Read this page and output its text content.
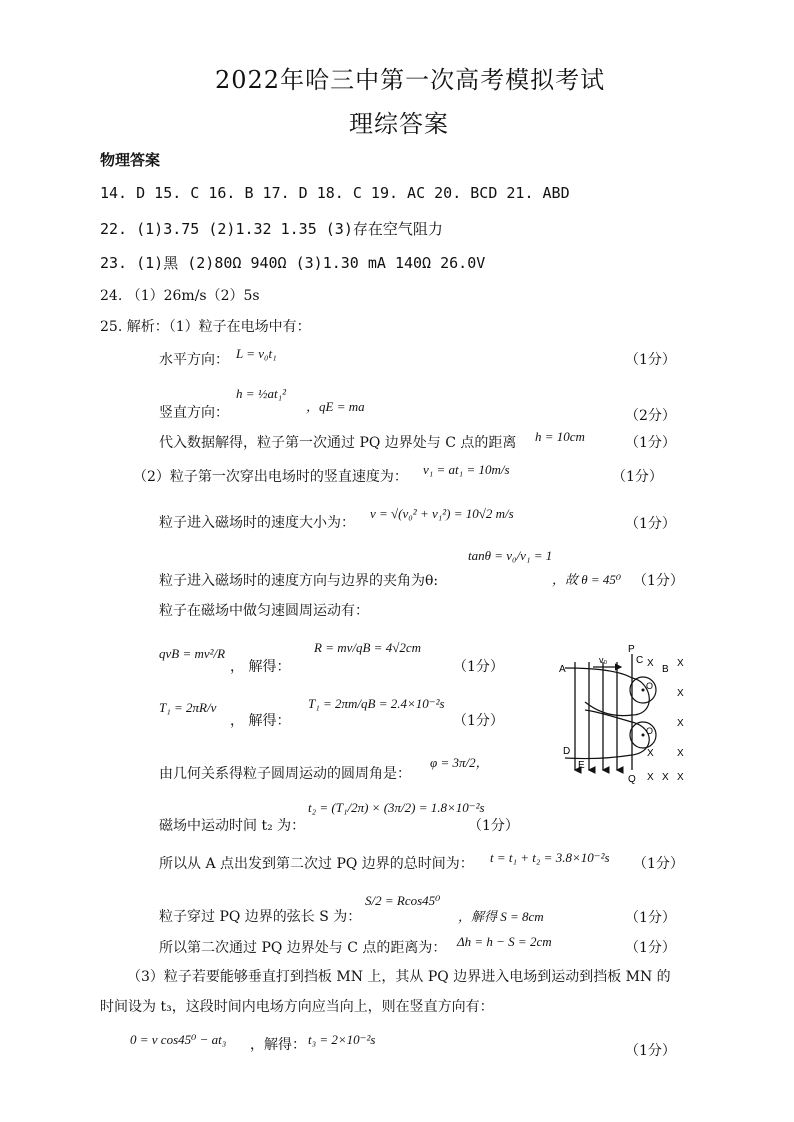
2022年哈三中第一次高考模拟考试
理综答案
物理答案
14. D 15. C 16. B 17. D 18. C 19. AC 20. BCD 21. ABD
22. (1)3.75 (2)1.32 1.35 (3)存在空气阻力
23. (1)黑 (2)80Ω 940Ω (3)1.30 mA 140Ω 26.0V
24. （1）26m/s（2）5s
25. 解析：（1）粒子在电场中有：
水平方向： L = v₀t₁	（1分）
h = ½at₁²
，qE = ma
竖直方向：	（2分）
代入数据解得，粒子第一次通过 PQ 边界处与 C 点的距离 h = 10cm	（1分）
（2）粒子第一次穿出电场时的竖直速度为： v₁ = at₁ = 10m/s	（1分）
粒子进入磁场时的速度大小为：
v = √(v₀² + v₁²) = 10√2 m/s
（1分）
tanθ = v₀/v₁ = 1
粒子进入磁场时的速度方向与边界的夹角为θ:	，故 θ = 45⁰ （1分）
粒子在磁场中做匀速圆周运动有：
qvB = mv²/R
， 解得：
R = mv/qB = 4√2cm
（1分）
T₁ = 2πR/v
， 解得：
T₁ = 2πm/qB = 2.4×10⁻²s
（1分）
由几何关系得粒子圆周运动的圆周角是：
φ = 3π/2，
磁场中运动时间 t₂ 为：
t₂ = (T₁/2π) × (3π/2) = 1.8×10⁻²s
（1分）
所以从 A 点出发到第二次过 PQ 边界的总时间为： t = t₁ + t₂ = 3.8×10⁻²s （1分）
粒子穿过 PQ 边界的弦长 S 为：
S/2 = Rcos45⁰
，解得 S = 8cm	（1分）
所以第二次通过 PQ 边界处与 C 点的距离为： Δh = h − S = 2cm	（1分）
（3）粒子若要能够垂直打到挡板 MN 上，其从 PQ 边界进入电场到运动到挡板 MN 的
时间设为 t₃，这段时间内电场方向应当向上，则在竖直方向有：
0 = v cos45⁰ − at₃ ，解得： t₃ = 2×10⁻²s
（1分）
A	B
C
D
E
P
Q
O
O
v₀	X X
X
X
X
X
X
X X
